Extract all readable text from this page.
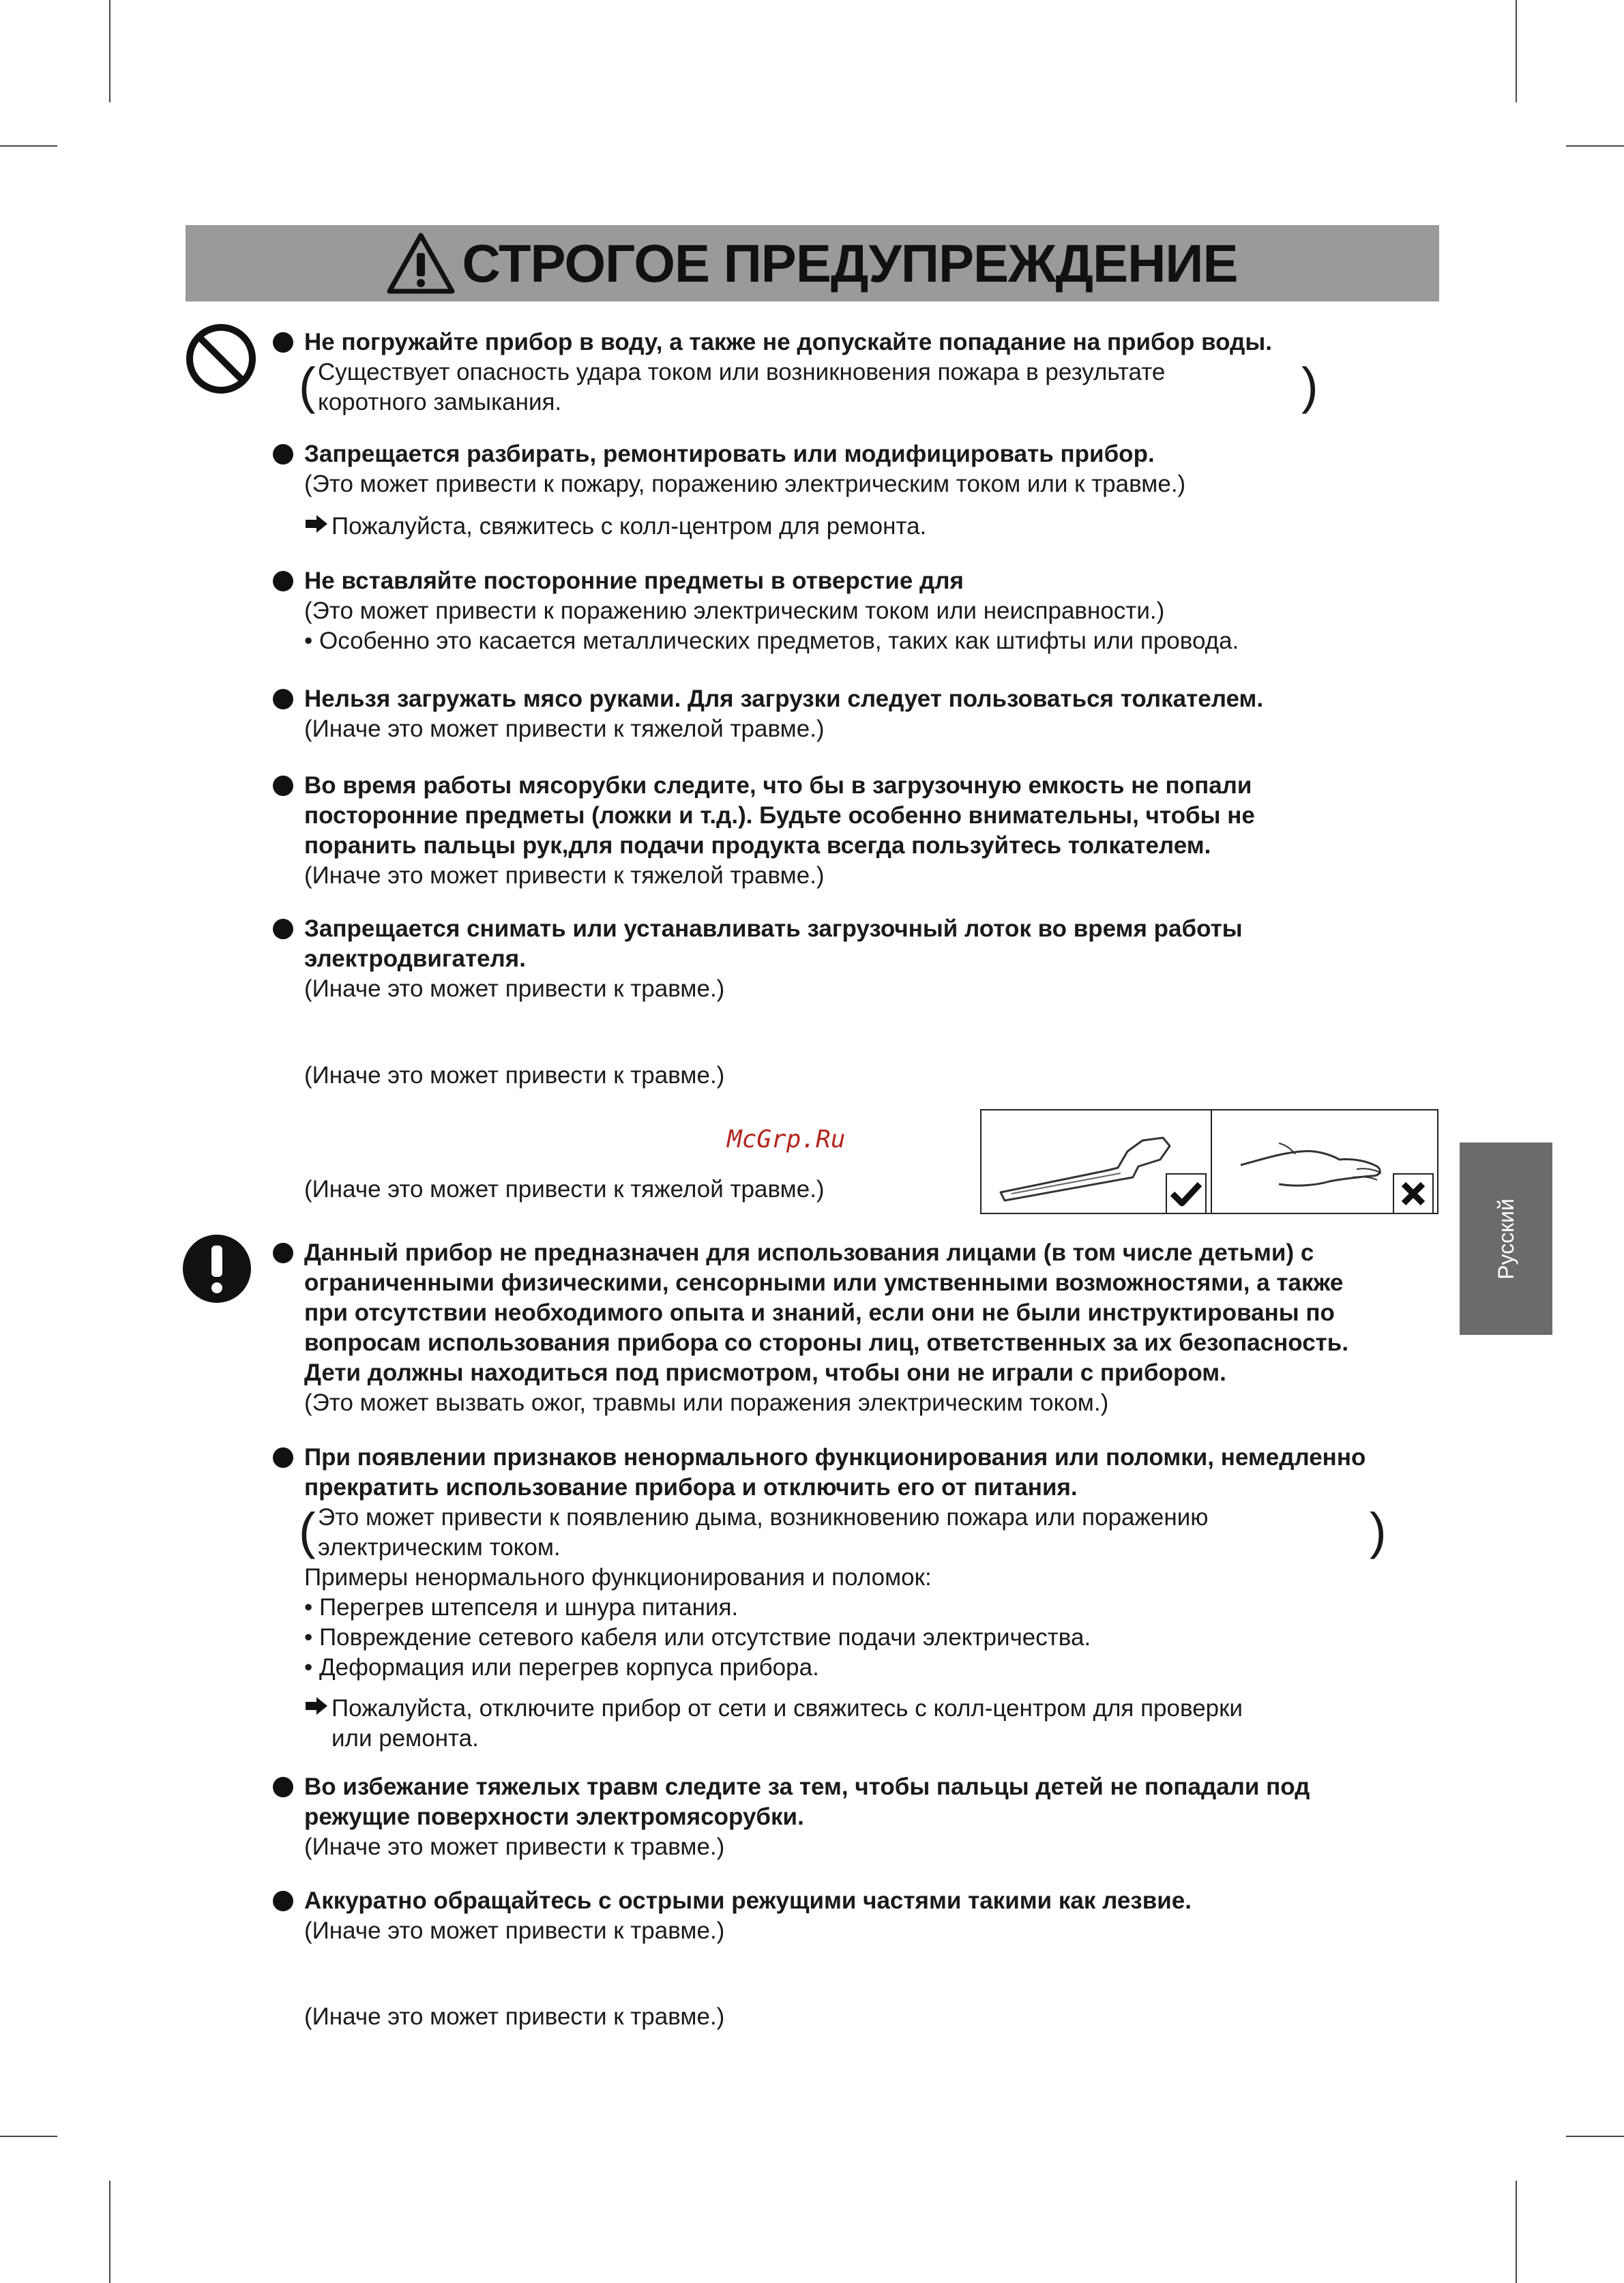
СТРОГОЕ ПРЕДУПРЕЖДЕНИЕ
Русский
Не погружайте прибор в воду, а также не допускайте попадание на прибор воды.
( Существует опасность удара током или возникновения пожара в результате
коротного замыкания.	)
Запрещается разбирать, ремонтировать или модифицировать прибор.
(Это может привести к пожару, поражению электрическим током или к травме.)
Пожалуйста, свяжитесь с колл-центром для ремонта.
Не вставляйте посторонние предметы в отверстие для
(Это может привести к поражению электрическим током или неисправности.)
• Особенно это касается металлических предметов, таких как штифты или провода.
Нельзя загружать мясо руками. Для загрузки следует пользоваться толкателем.
(Иначе это может привести к тяжелой травме.)
Во время работы мясорубки следите, что бы в загрузочную емкость не попали
посторонние предметы (ложки и т.д.). Будьте особенно внимательны, чтобы не
поранить пальцы рук,для подачи продукта всегда пользуйтесь толкателем.
(Иначе это может привести к тяжелой травме.)
Запрещается снимать или устанавливать загрузочный лоток во время работы
электродвигателя.
(Иначе это может привести к травме.)
(Иначе это может привести к травме.)
(Иначе это может привести к тяжелой травме.)
McGrp.Ru
Данный прибор не предназначен для использования лицами (в том числе детьми) с
ограниченными физическими, сенсорными или умственными возможностями, а также
при отсутствии необходимого опыта и знаний, если они не были инструктированы по
вопросам использования прибора со стороны лиц, ответственных за их безопасность.
Дети должны находиться под присмотром, чтобы они не играли с прибором.
(Это может вызвать ожог, травмы или поражения электрическим током.)
При появлении признаков ненормального функционирования или поломки, немедленно
прекратить использование прибора и отключить его от питания.
( Это может привести к появлению дыма, возникновению пожара или поражению
электрическим током.	)
Примеры ненормального функционирования и поломок:
• Перегрев штепселя и шнура питания.
• Повреждение сетевого кабеля или отсутствие подачи электричества.
• Деформация или перегрев корпуса прибора.
Пожалуйста, отключите прибор от сети и свяжитесь с колл-центром для проверки
или ремонта.
Во избежание тяжелых травм следите за тем, чтобы пальцы детей не попадали под
режущие поверхности электромясорубки.
(Иначе это может привести к травме.)
Аккуратно обращайтесь с острыми режущими частями такими как лезвие.
(Иначе это может привести к травме.)
(Иначе это может привести к травме.)
